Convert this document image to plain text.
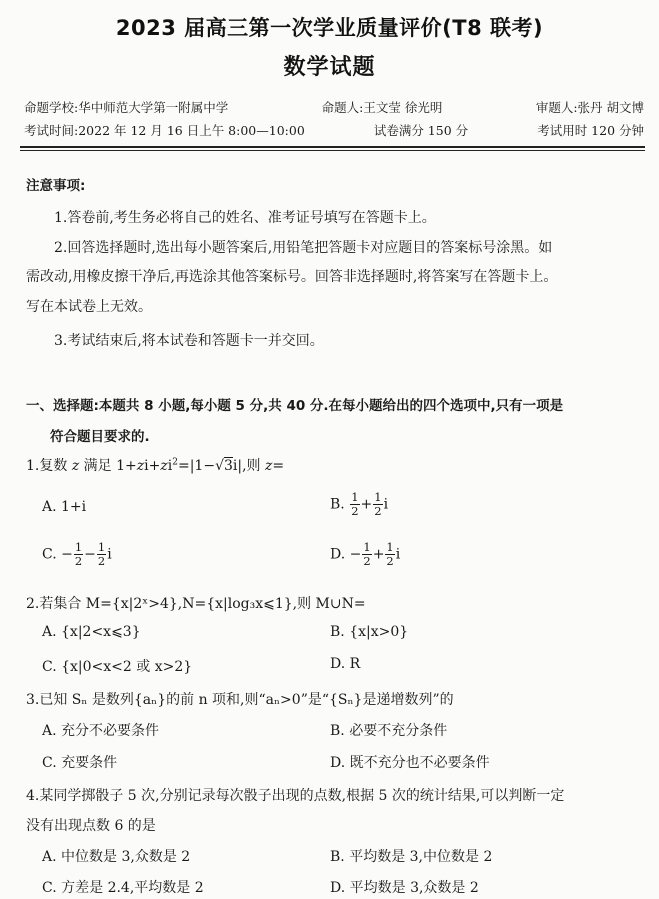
2023 届高三第一次学业质量评价(T8 联考)
数学试题
命题学校:华中师范大学第一附属中学	命题人:王文莹 徐光明	审题人:张丹 胡文博
考试时间:2022 年 12 月 16 日上午 8:00—10:00	试卷满分 150 分	考试用时 120 分钟
注意事项:
1.答卷前,考生务必将自己的姓名、准考证号填写在答题卡上。
2.回答选择题时,选出每小题答案后,用铅笔把答题卡对应题目的答案标号涂黑。如
需改动,用橡皮擦干净后,再选涂其他答案标号。回答非选择题时,将答案写在答题卡上。
写在本试卷上无效。
3.考试结束后,将本试卷和答题卡一并交回。
一、选择题:本题共 8 小题,每小题 5 分,共 40 分.在每小题给出的四个选项中,只有一项是
符合题目要求的.
1.复数 z 满足 $1+zi+zi^2=|1-√3i|$,则 z=
A. 1+i	B. $\frac{1}{2} + \frac{1}{2}$ i
C. − $\frac{1}{2} - \frac{1}{2}$ i	D. − $\frac{1}{2} + \frac{1}{2}$ i
2.若集合 M={x|2ˣ>4},N={x|log₃x⩽1},则 M∪N=
A. {x|2<x⩽3}	B. {x|x>0}
C. {x|0<x<2 或 x>2}	D. R
3.已知 Sₙ 是数列{aₙ}的前 n 项和,则“aₙ>0”是“{Sₙ}是递增数列”的
A. 充分不必要条件	B. 必要不充分条件
C. 充要条件	D. 既不充分也不必要条件
4.某同学掷骰子 5 次,分别记录每次骰子出现的点数,根据 5 次的统计结果,可以判断一定
没有出现点数 6 的是
A. 中位数是 3,众数是 2	B. 平均数是 3,中位数是 2
C. 方差是 2.4,平均数是 2	D. 平均数是 3,众数是 2
